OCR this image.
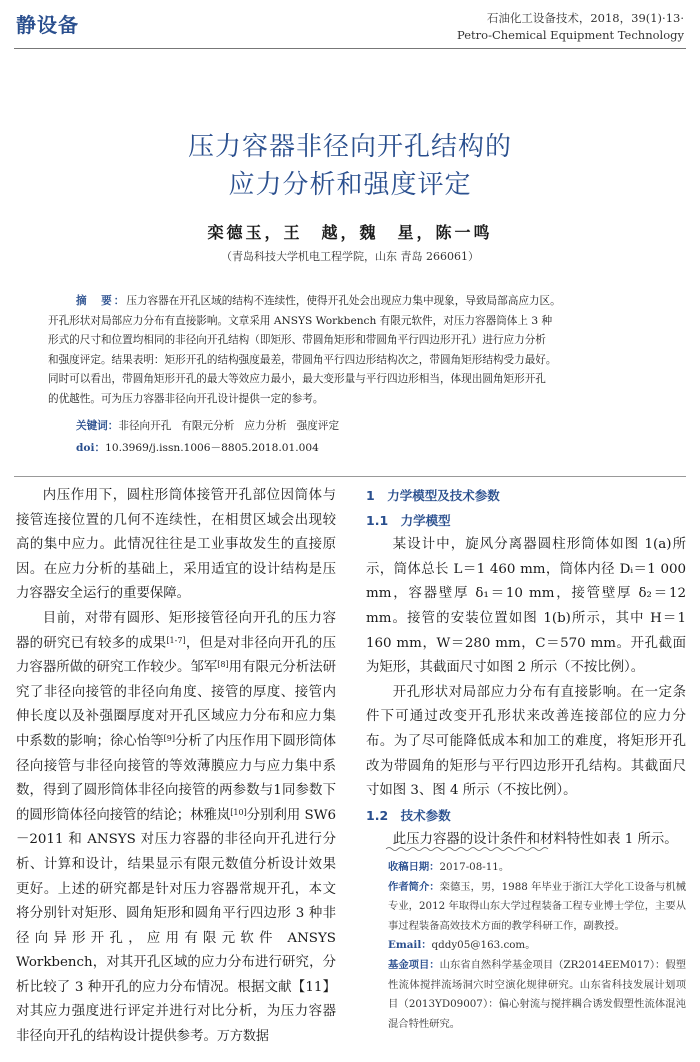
静设备	石油化工设备技术，2018，39(1)·13·
Petro-Chemical Equipment Technology
压力容器非径向开孔结构的
应力分析和强度评定
栾德玉，王　越，魏　星，陈一鸣
（青岛科技大学机电工程学院，山东 青岛 266061）
摘　要：压力容器在开孔区域的结构不连续性，使得开孔处会出现应力集中现象，导致局部高应力区。
开孔形状对局部应力分布有直接影响。文章采用 ANSYS Workbench 有限元软件，对压力容器筒体上 3 种
形式的尺寸和位置均相同的非径向开孔结构（即矩形、带圆角矩形和带圆角平行四边形开孔）进行应力分析
和强度评定。结果表明：矩形开孔的结构强度最差，带圆角平行四边形结构次之，带圆角矩形结构受力最好。
同时可以看出，带圆角矩形开孔的最大等效应力最小，最大变形量与平行四边形相当，体现出圆角矩形开孔
的优越性。可为压力容器非径向开孔设计提供一定的参考。
关键词：非径向开孔 有限元分析 应力分析 强度评定
doi：10.3969/j.issn.1006－8805.2018.01.004

内压作用下，圆柱形筒体接管开孔部位因筒体与接管连接位置的几何不连续性，在相贯区域会出现较高的集中应力。此情况往往是工业事故发生的直接原因。在应力分析的基础上，采用适宜的设计结构是压力容器安全运行的重要保障。

目前，对带有圆形、矩形接管径向开孔的压力容器的研究已有较多的成果[1-7]，但是对非径向开孔的压力容器所做的研究工作较少。邹军[8]用有限元分析法研究了非径向接管的非径向角度、接管的厚度、接管内伸长度以及补强圈厚度对开孔区域应力分布和应力集中系数的影响；徐心怡等[9]分析了内压作用下圆形筒体径向接管与非径向接管的等效薄膜应力与应力集中系数，得到了圆形筒体非径向接管的两参数与1同参数下的圆形筒体径向接管的结论；林雅岚[10]分别利用 SW6－2011 和 ANSYS 对压力容器的非径向开孔进行分析、计算和设计，结果显示有限元数值分析设计效果更好。上述的研究都是针对压力容器常规开孔，本文将分别针对矩形、圆角矩形和圆角平行四边形 3 种非径向异形开孔，应用有限元软件 ANSYS Workbench，对其开孔区域的应力分布进行研究，分析比较了 3 种开孔的应力分布情况。根据文献【11】对其应力强度进行评定并进行对比分析，为压力容器非径向开孔的结构设计提供参考。万方数据

1　力学模型及技术参数
1.1　力学模型

某设计中，旋风分离器圆柱形筒体如图 1(a)所示，筒体总长 L＝1 460 mm，筒体内径 Dᵢ＝1 000 mm，容器壁厚 δ₁＝10 mm，接管壁厚 δ₂＝12 mm。接管的安装位置如图 1(b)所示，其中 H＝1 160 mm，W＝280 mm，C＝570 mm。开孔截面为矩形，其截面尺寸如图 2 所示（不按比例）。

开孔形状对局部应力分布有直接影响。在一定条件下可通过改变开孔形状来改善连接部位的应力分布。为了尽可能降低成本和加工的难度，将矩形开孔改为带圆角的矩形与平行四边形开孔结构。其截面尺寸如图 3、图 4 所示（不按比例）。

1.2　技术参数

此压力容器的设计条件和材料特性如表 1 所示。

收稿日期：2017-08-11。

作者简介：栾德玉，男，1988 年毕业于浙江大学化工设备与机械专业，2012 年取得山东大学过程装备工程专业博士学位，主要从事过程装备高效技术方面的教学科研工作，副教授。

Email：qddy05@163.com。

基金项目：山东省自然科学基金项目（ZR2014EEM017）：假塑性流体搅拌流场洞穴时空演化规律研究。山东省科技发展计划项目（2013YD09007）：偏心射流与搅拌耦合诱发假塑性流体混沌混合特性研究。
